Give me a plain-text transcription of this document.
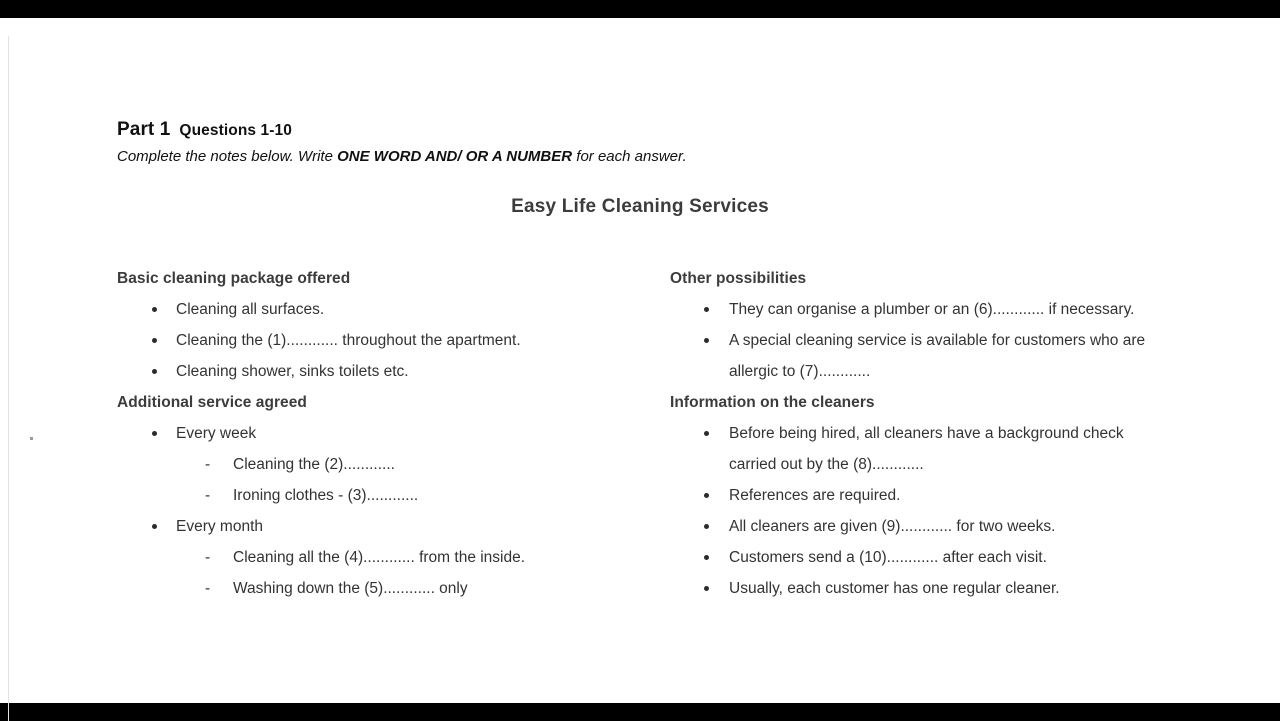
Part 1 Questions 1-10
Complete the notes below. Write ONE WORD AND/ OR A NUMBER for each answer.
Easy Life Cleaning Services
Basic cleaning package offered
Cleaning all surfaces.
Cleaning the (1)............ throughout the apartment.
Cleaning shower, sinks toilets etc.
Additional service agreed
Every week
- Cleaning the (2)............
- Ironing clothes - (3)............
Every month
- Cleaning all the (4)............ from the inside.
- Washing down the (5)............ only
Other possibilities
They can organise a plumber or an (6)............ if necessary.
A special cleaning service is available for customers who are allergic to (7)............
Information on the cleaners
Before being hired, all cleaners have a background check carried out by the (8)............
References are required.
All cleaners are given (9)............ for two weeks.
Customers send a (10)............ after each visit.
Usually, each customer has one regular cleaner.
